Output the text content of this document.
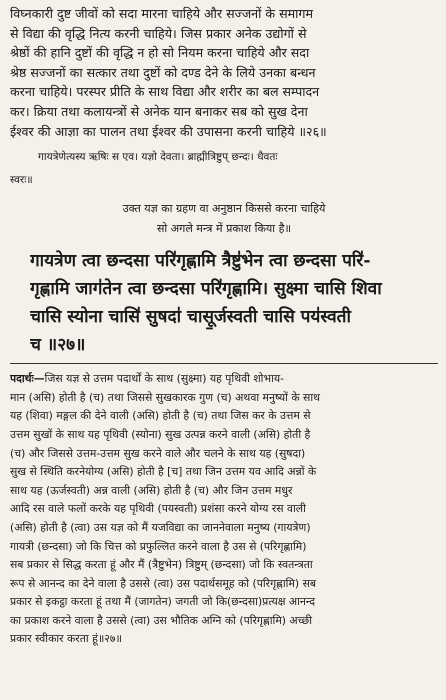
विघ्नकारी दुष्ट जीवों को सदा मारना चाहिये और सज्जनों के समागम
से विद्या की वृद्धि नित्य करनी चाहिये। जिस प्रकार अनेक उद्योगों से
श्रेष्ठों की हानि दुष्टों की वृद्धि न हो सो नियम करना चाहिये और सदा
श्रेष्ठ सज्जनों का सत्कार तथा दुष्टों को दण्ड देने के लिये उनका बन्धन
करना चाहिये। परस्पर प्रीति के साथ विद्या और शरीर का बल सम्पादन
कर। क्रिया तथा कलायन्त्रों से अनेक यान बनाकर सब को सुख देना
ईश्वर की आज्ञा का पालन तथा ईश्वर की उपासना करनी चाहिये ॥२६॥
गायत्रेणेत्यस्य ऋषिः स एव। यज्ञो देवता। ब्राह्मीत्रिष्टुप् छन्दः। धैवतः
स्वरः॥
उक्त यज्ञ का ग्रहण वा अनुष्ठान किससे करना चाहिये
सो अगले मन्त्र में प्रकाश किया है॥
गायत्रेण त्वा छन्दसा परि॑गृह्णामि त्रैष्टु॑भेन त्वा छन्दसा परि॑-
गृह्णामि जाग॑तेन त्वा छन्दसा परि॑गृह्णामि। सुक्ष्मा चासि शिवा
चासि स्योना चासि॑ सुषदा॑ चासू॒र्जस्वती चासि पय॑स्वती
च ॥२७॥
पदार्थः—जिस यज्ञ से उत्तम पदार्थों के साथ (सुक्ष्मा) यह पृथिवी शोभाय-
मान (असि) होती है (च) तथा जिससे सुखकारक गुण (च) अथवा मनुष्यों के साथ
यह (शिवा) मङ्गल की देने वाली (असि) होती है (च) तथा जिस कर के उत्तम से
उत्तम सुखों के साथ यह पृथिवी (स्योना) सुख उत्पन्न करने वाली (असि) होती है
(च) और जिससे उत्तम-उत्तम सुख करने वाले और चलने के साथ यह (सुषदा)
सुख से स्थिति करनेयोग्य (असि) होती है [च] तथा जिन उत्तम यव आदि अन्नों के
साथ यह (ऊर्जस्वती) अन्न वाली (असि) होती है (च) और जिन उत्तम मधुर
आदि रस वाले फलों करके यह पृथिवी (पयस्वती) प्रशंसा करने योग्य रस वाली
(असि) होती है (त्वा) उस यज्ञ को मैं यजविद्या का जाननेवाला मनुष्य (गायत्रेण)
गायत्री (छन्दसा) जो कि चित्त को प्रफुल्लित करने वाला है उस से (परिगृह्णामि)
सब प्रकार से सिद्ध करता हूं और मैं (त्रैष्टुभेन) त्रिष्टुम् (छन्दसा) जो कि स्वतन्त्रता
रूप से आनन्द का देने वाला है उससे (त्वा) उस पदार्थसमूह को (परिगृह्णामि) सब
प्रकार से इकट्ठा करता हूं तथा मैं (जागतेन) जगती जो कि(छन्दसा)प्रत्यक्ष आनन्द
का प्रकाश करने वाला है उससे (त्वा) उस भौतिक अग्नि को (परिगृह्णामि) अच्छी
प्रकार स्वीकार करता हूं॥२७॥
